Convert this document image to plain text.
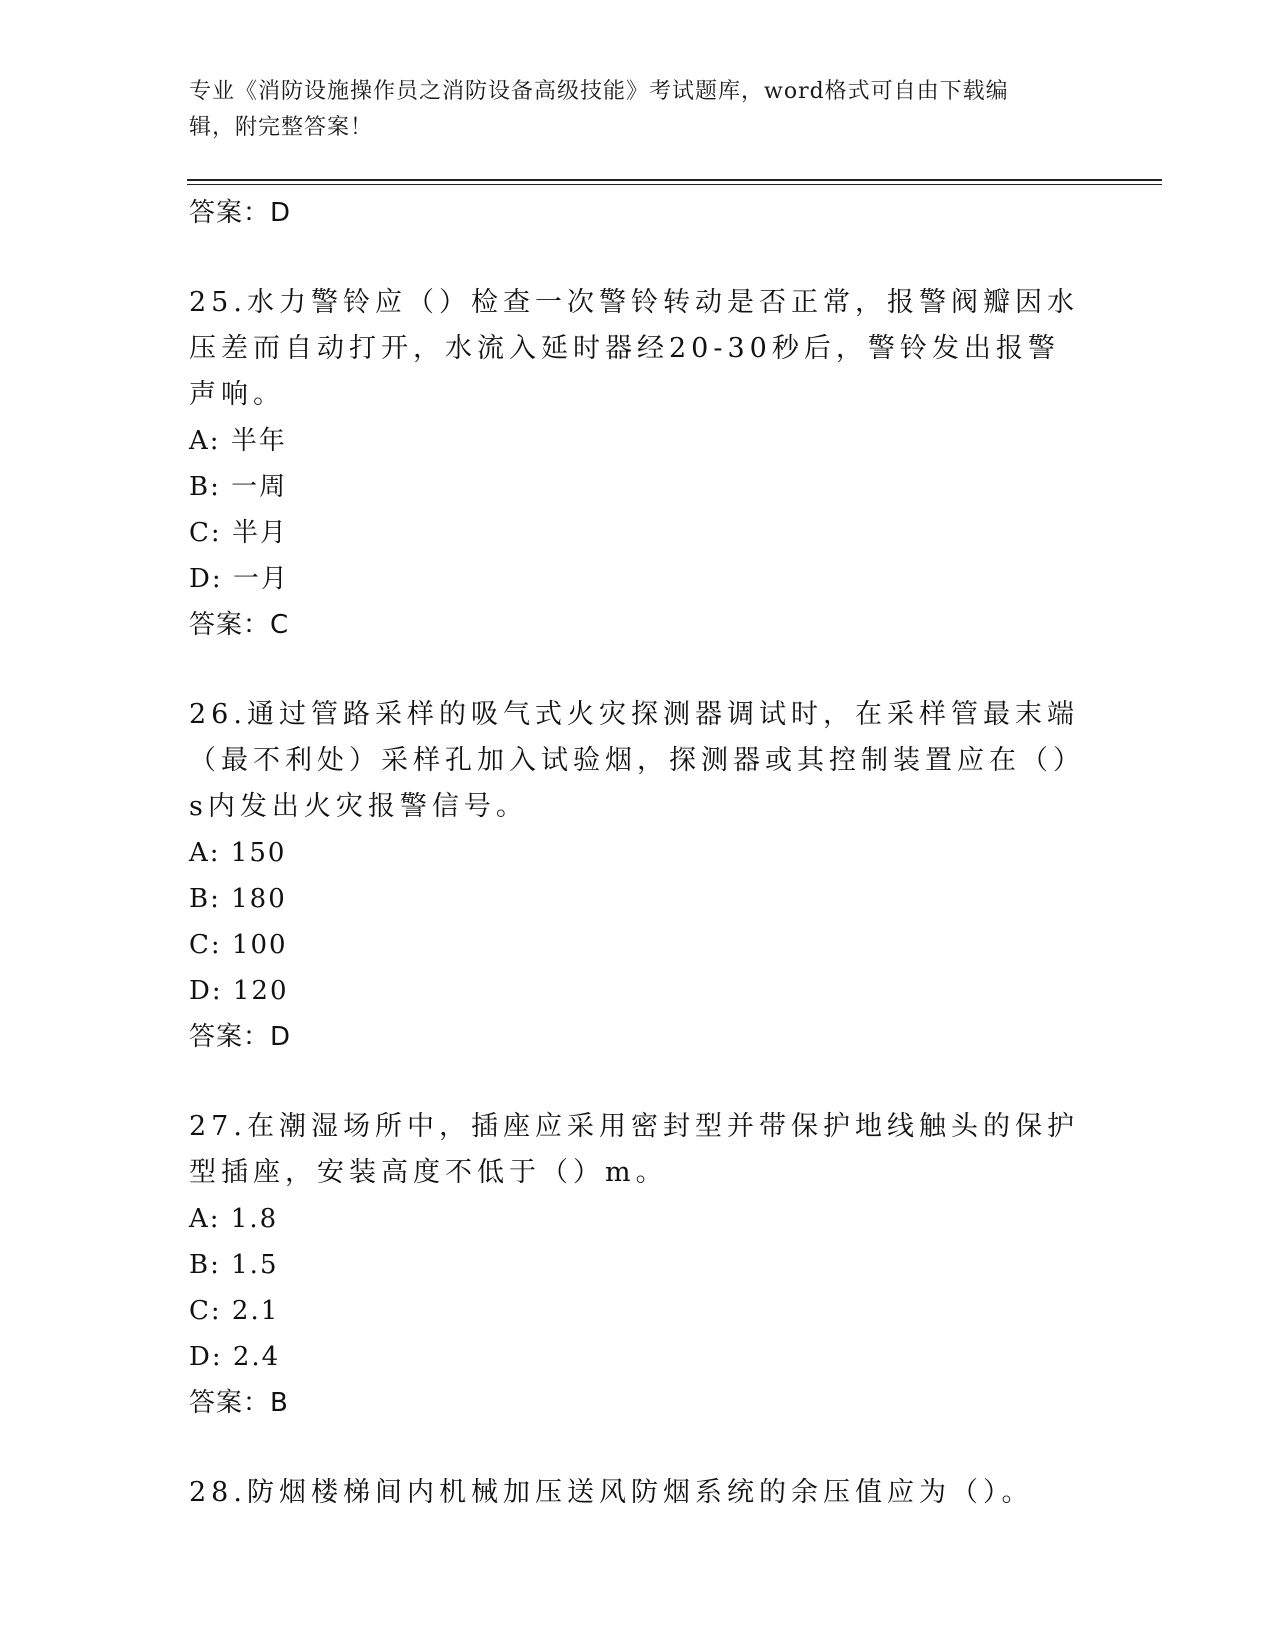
专业《消防设施操作员之消防设备高级技能》考试题库，word格式可自由下载编
辑，附完整答案！
答案：D
25.水力警铃应（）检查一次警铃转动是否正常，报警阀瓣因水压差而自动打开，水流入延时器经20-30秒后，警铃发出报警声响。
A: 半年
B: 一周
C: 半月
D: 一月
答案：C
26.通过管路采样的吸气式火灾探测器调试时，在采样管最末端（最不利处）采样孔加入试验烟，探测器或其控制装置应在（）s内发出火灾报警信号。
A: 150
B: 180
C: 100
D: 120
答案：D
27.在潮湿场所中，插座应采用密封型并带保护地线触头的保护型插座，安装高度不低于（）m。
A: 1.8
B: 1.5
C: 2.1
D: 2.4
答案：B
28.防烟楼梯间内机械加压送风防烟系统的余压值应为（）。
